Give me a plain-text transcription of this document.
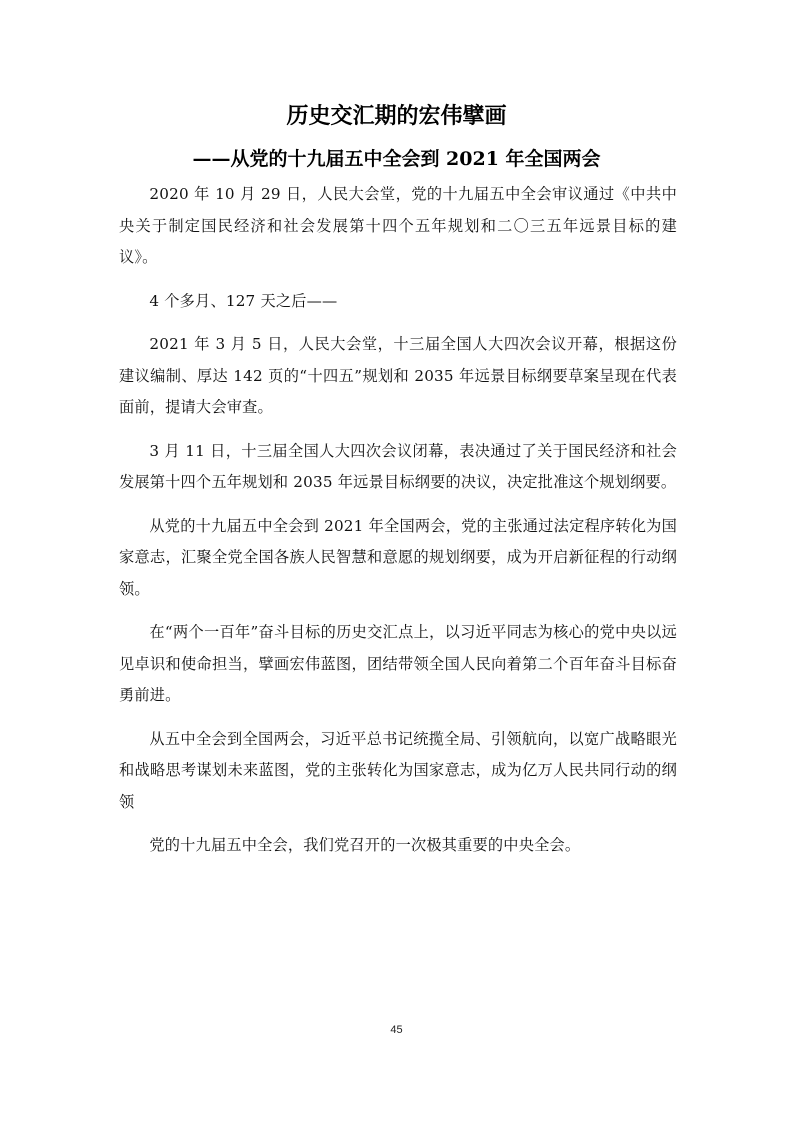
历史交汇期的宏伟擘画
——从党的十九届五中全会到 2021 年全国两会

2020 年 10 月 29 日，人民大会堂，党的十九届五中全会审议通过《中共中央关于制定国民经济和社会发展第十四个五年规划和二〇三五年远景目标的建议》。

4 个多月、127 天之后——

2021 年 3 月 5 日，人民大会堂，十三届全国人大四次会议开幕，根据这份建议编制、厚达 142 页的“十四五”规划和 2035 年远景目标纲要草案呈现在代表面前，提请大会审查。

3 月 11 日，十三届全国人大四次会议闭幕，表决通过了关于国民经济和社会发展第十四个五年规划和 2035 年远景目标纲要的决议，决定批准这个规划纲要。

从党的十九届五中全会到 2021 年全国两会，党的主张通过法定程序转化为国家意志，汇聚全党全国各族人民智慧和意愿的规划纲要，成为开启新征程的行动纲领。

在“两个一百年”奋斗目标的历史交汇点上，以习近平同志为核心的党中央以远见卓识和使命担当，擘画宏伟蓝图，团结带领全国人民向着第二个百年奋斗目标奋勇前进。

从五中全会到全国两会，习近平总书记统揽全局、引领航向，以宽广战略眼光和战略思考谋划未来蓝图，党的主张转化为国家意志，成为亿万人民共同行动的纲领

党的十九届五中全会，我们党召开的一次极其重要的中央全会。

45
